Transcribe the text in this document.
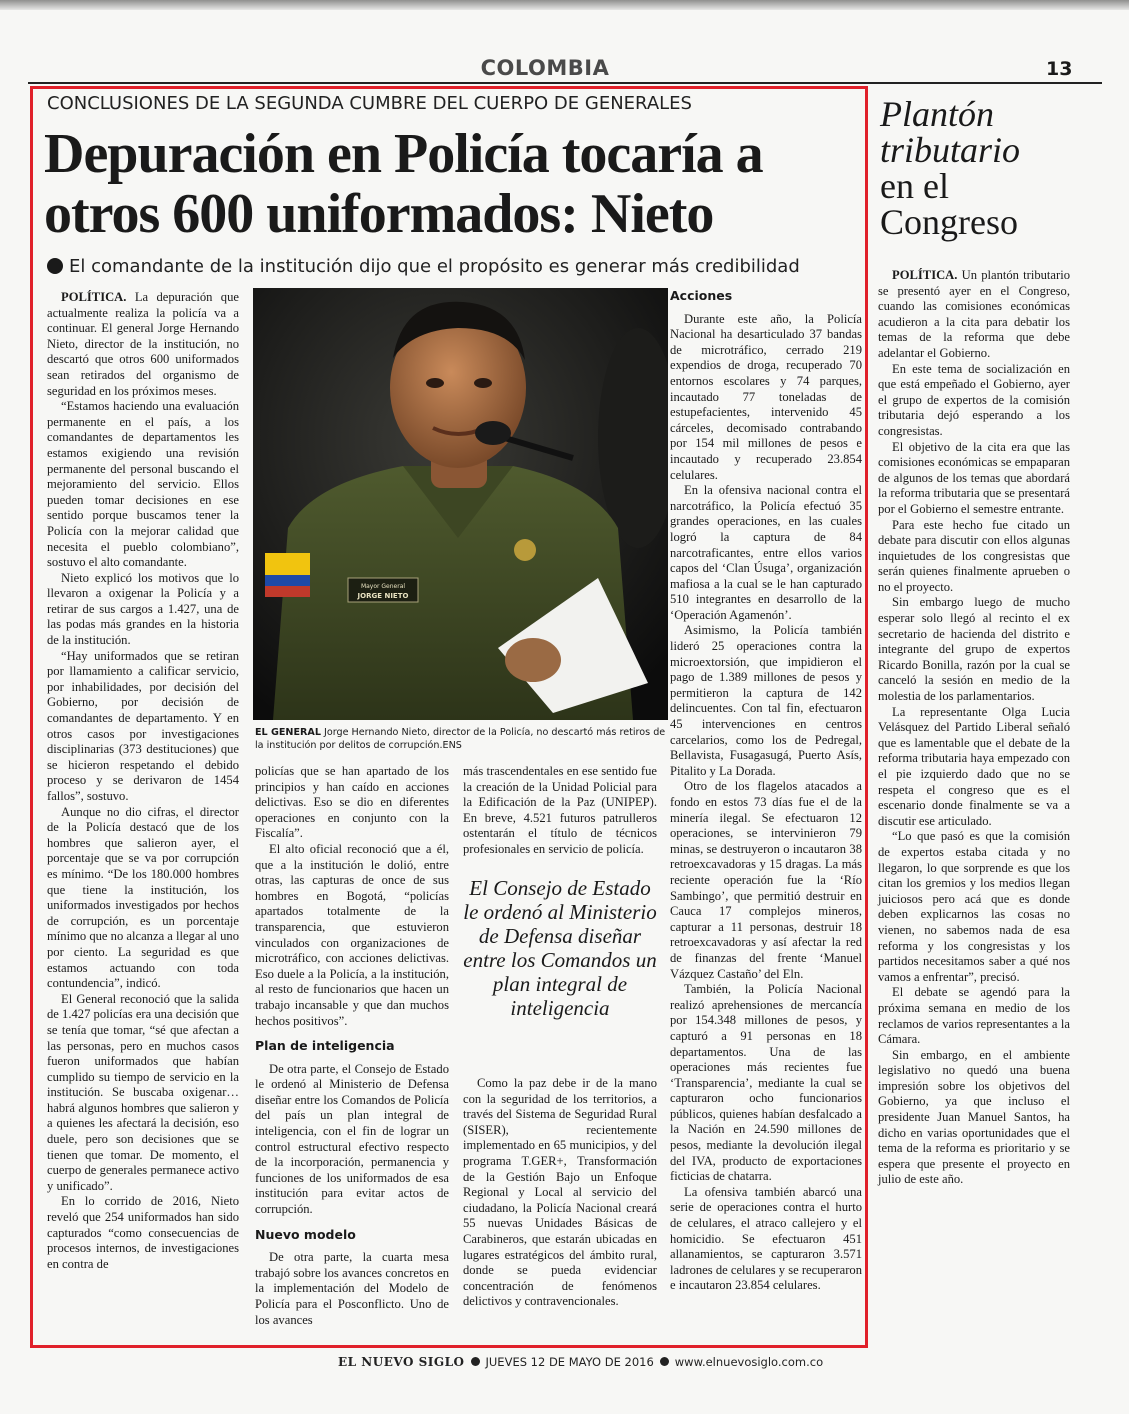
COLOMBIA	13
CONCLUSIONES DE LA SEGUNDA CUMBRE DEL CUERPO DE GENERALES
Depuración en Policía tocaría a otros 600 uniformados: Nieto
El comandante de la institución dijo que el propósito es generar más credibilidad

POLÍTICA. La depuración que actualmente realiza la policía va a continuar. El general Jorge Hernando Nieto, director de la institución, no descartó que otros 600 uniformados sean retirados del organismo de seguridad en los próximos meses.

“Estamos haciendo una evaluación permanente en el país, a los comandantes de departamentos les estamos exigiendo una revisión permanente del personal buscando el mejoramiento del servicio. Ellos pueden tomar decisiones en ese sentido porque buscamos tener la Policía con la mejorar calidad que necesita el pueblo colombiano”, sostuvo el alto comandante.

Nieto explicó los motivos que lo llevaron a oxigenar la Policía y a retirar de sus cargos a 1.427, una de las podas más grandes en la historia de la institución.

“Hay uniformados que se retiran por llamamiento a calificar servicio, por inhabilidades, por decisión del Gobierno, por decisión de comandantes de departamento. Y en otros casos por investigaciones disciplinarias (373 destituciones) que se hicieron respetando el debido proceso y se derivaron de 1454 fallos”, sostuvo.

Aunque no dio cifras, el director de la Policía destacó que de los hombres que salieron ayer, el porcentaje que se va por corrupción es mínimo. “De los 180.000 hombres que tiene la institución, los uniformados investigados por hechos de corrupción, es un porcentaje mínimo que no alcanza a llegar al uno por ciento. La seguridad es que estamos actuando con toda contundencia”, indicó.

El General reconoció que la salida de 1.427 policías era una decisión que se tenía que tomar, “sé que afectan a las personas, pero en muchos casos fueron uniformados que habían cumplido su tiempo de servicio en la institución. Se buscaba oxigenar… habrá algunos hombres que salieron y a quienes les afectará la decisión, eso duele, pero son decisiones que se tienen que tomar. De momento, el cuerpo de generales permanece activo y unificado”.

En lo corrido de 2016, Nieto reveló que 254 uniformados han sido capturados “como consecuencias de procesos internos, de investigaciones en contra de

Mayor General
JORGE NIETO
EL GENERAL Jorge Hernando Nieto, director de la Policía, no descartó más retiros de la institución por delitos de corrupción.ENS

policías que se han apartado de los principios y han caído en acciones delictivas. Eso se dio en diferentes operaciones en conjunto con la Fiscalía”.

El alto oficial reconoció que a él, que a la institución le dolió, entre otras, las capturas de once de sus hombres en Bogotá, “policías apartados totalmente de la transparencia, que estuvieron vinculados con organizaciones de microtráfico, con acciones delictivas. Eso duele a la Policía, a la institución, al resto de funcionarios que hacen un trabajo incansable y que dan muchos hechos positivos”.

Plan de inteligencia

De otra parte, el Consejo de Estado le ordenó al Ministerio de Defensa diseñar entre los Comandos de Policía del país un plan integral de inteligencia, con el fin de lograr un control estructural efectivo respecto de la incorporación, permanencia y funciones de los uniformados de esa institución para evitar actos de corrupción.

Nuevo modelo

De otra parte, la cuarta mesa trabajó sobre los avances concretos en la implementación del Modelo de Policía para el Posconflicto. Uno de los avances

más trascendentales en ese sentido fue la creación de la Unidad Policial para la Edificación de la Paz (UNIPEP). En breve, 4.521 futuros patrulleros ostentarán el título de técnicos profesionales en servicio de policía.

El Consejo de Estado le ordenó al Ministerio de Defensa diseñar entre los Comandos un plan integral de inteligencia

Como la paz debe ir de la mano con la seguridad de los territorios, a través del Sistema de Seguridad Rural (SISER), recientemente implementado en 65 municipios, y del programa T.GER+, Transformación de la Gestión Bajo un Enfoque Regional y Local al servicio del ciudadano, la Policía Nacional creará 55 nuevas Unidades Básicas de Carabineros, que estarán ubicadas en lugares estratégicos del ámbito rural, donde se pueda evidenciar concentración de fenómenos delictivos y contravencionales.

Acciones

Durante este año, la Policía Nacional ha desarticulado 37 bandas de microtráfico, cerrado 219 expendios de droga, recuperado 70 entornos escolares y 74 parques, incautado 77 toneladas de estupefacientes, intervenido 45 cárceles, decomisado contrabando por 154 mil millones de pesos e incautado y recuperado 23.854 celulares.

En la ofensiva nacional contra el narcotráfico, la Policía efectuó 35 grandes operaciones, en las cuales logró la captura de 84 narcotraficantes, entre ellos varios capos del ‘Clan Úsuga’, organización mafiosa a la cual se le han capturado 510 integrantes en desarrollo de la ‘Operación Agamenón’.

Asimismo, la Policía también lideró 25 operaciones contra la microextorsión, que impidieron el pago de 1.389 millones de pesos y permitieron la captura de 142 delincuentes. Con tal fin, efectuaron 45 intervenciones en centros carcelarios, como los de Pedregal, Bellavista, Fusagasugá, Puerto Asís, Pitalito y La Dorada.

Otro de los flagelos atacados a fondo en estos 73 días fue el de la minería ilegal. Se efectuaron 12 operaciones, se intervinieron 79 minas, se destruyeron o incautaron 38 retroexcavadoras y 15 dragas. La más reciente operación fue la ‘Río Sambingo’, que permitió destruir en Cauca 17 complejos mineros, capturar a 11 personas, destruir 18 retroexcavadoras y así afectar la red de finanzas del frente ‘Manuel Vázquez Castaño’ del Eln.

También, la Policía Nacional realizó aprehensiones de mercancía por 154.348 millones de pesos, y capturó a 91 personas en 18 departamentos. Una de las operaciones más recientes fue ‘Transparencia’, mediante la cual se capturaron ocho funcionarios públicos, quienes habían desfalcado a la Nación en 24.590 millones de pesos, mediante la devolución ilegal del IVA, producto de exportaciones ficticias de chatarra.

La ofensiva también abarcó una serie de operaciones contra el hurto de celulares, el atraco callejero y el homicidio. Se efectuaron 451 allanamientos, se capturaron 3.571 ladrones de celulares y se recuperaron e incautaron 23.854 celulares.

Plantón
tributario
en el
Congreso

POLÍTICA. Un plantón tributario se presentó ayer en el Congreso, cuando las comisiones económicas acudieron a la cita para debatir los temas de la reforma que debe adelantar el Gobierno.

En este tema de socialización en que está empeñado el Gobierno, ayer el grupo de expertos de la comisión tributaria dejó esperando a los congresistas.

El objetivo de la cita era que las comisiones económicas se empaparan de algunos de los temas que abordará la reforma tributaria que se presentará por el Gobierno el semestre entrante.

Para este hecho fue citado un debate para discutir con ellos algunas inquietudes de los congresistas que serán quienes finalmente aprueben o no el proyecto.

Sin embargo luego de mucho esperar solo llegó al recinto el ex secretario de hacienda del distrito e integrante del grupo de expertos Ricardo Bonilla, razón por la cual se canceló la sesión en medio de la molestia de los parlamentarios.

La representante Olga Lucia Velásquez del Partido Liberal señaló que es lamentable que el debate de la reforma tributaria haya empezado con el pie izquierdo dado que no se respeta el congreso que es el escenario donde finalmente se va a discutir ese articulado.

“Lo que pasó es que la comisión de expertos estaba citada y no llegaron, lo que sorprende es que los citan los gremios y los medios llegan juiciosos pero acá que es donde deben explicarnos las cosas no vienen, no sabemos nada de esa reforma y los congresistas y los partidos necesitamos saber a qué nos vamos a enfrentar”, precisó.

El debate se agendó para la próxima semana en medio de los reclamos de varios representantes a la Cámara.

Sin embargo, en el ambiente legislativo no quedó una buena impresión sobre los objetivos del Gobierno, ya que incluso el presidente Juan Manuel Santos, ha dicho en varias oportunidades que el tema de la reforma es prioritario y se espera que presente el proyecto en julio de este año.

EL NUEVO SIGLO JUEVES 12 DE MAYO DE 2016 www.elnuevosiglo.com.co
